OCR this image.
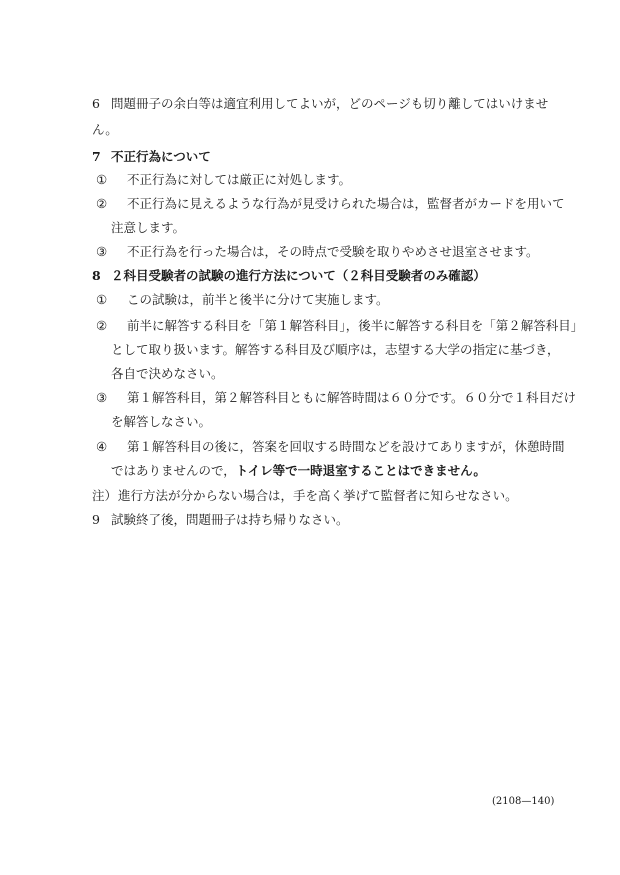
6 問題冊子の余白等は適宜利用してよいが，どのページも切り離してはいけませ
ん。
7 不正行為について
① 不正行為に対しては厳正に対処します。
② 不正行為に見えるような行為が見受けられた場合は，監督者がカードを用いて
注意します。
③ 不正行為を行った場合は，その時点で受験を取りやめさせ退室させます。
8 ２科目受験者の試験の進行方法について（２科目受験者のみ確認）
① この試験は，前半と後半に分けて実施します。
② 前半に解答する科目を「第１解答科目」，後半に解答する科目を「第２解答科目」
として取り扱います。解答する科目及び順序は，志望する大学の指定に基づき，
各自で決めなさい。
③ 第１解答科目，第２解答科目ともに解答時間は６０分です。６０分で１科目だけ
を解答しなさい。
④ 第１解答科目の後に，答案を回収する時間などを設けてありますが，休憩時間
ではありませんので，トイレ等で一時退室することはできません。
注） 進行方法が分からない場合は，手を高く挙げて監督者に知らせなさい。
9 試験終了後，問題冊子は持ち帰りなさい。
(2108—140)
